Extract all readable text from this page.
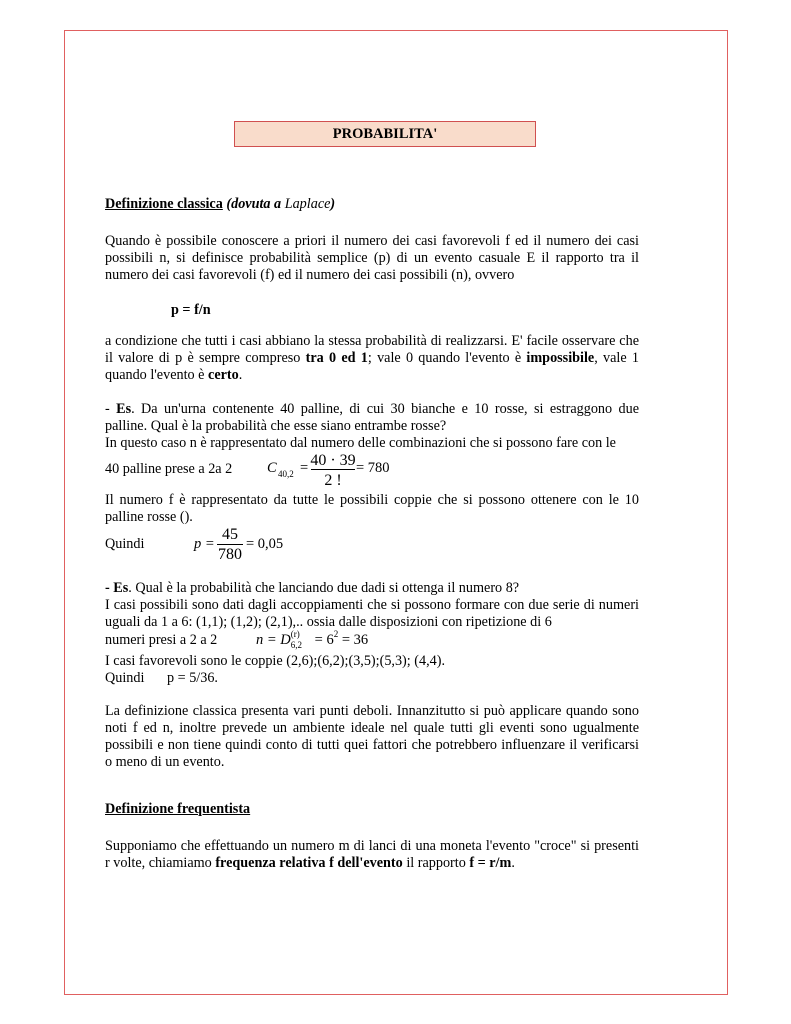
PROBABILITA'
Definizione classica (dovuta a Laplace)
Quando è possibile conoscere a priori il numero dei casi favorevoli f ed il numero dei casi possibili n, si definisce probabilità semplice (p) di un evento casuale E il rapporto tra il numero dei casi favorevoli (f) ed il numero dei casi possibili (n), ovvero
p = f/n
a condizione che tutti i casi abbiano la stessa probabilità di realizzarsi. E' facile osservare che il valore di p è sempre compreso tra 0 ed 1; vale 0 quando l'evento è impossibile, vale 1 quando l'evento è certo.
- Es. Da un'urna contenente 40 palline, di cui 30 bianche e 10 rosse, si estraggono due palline. Qual è la probabilità che esse siano entrambe rosse?
In questo caso n è rappresentato dal numero delle combinazioni che si possono fare con le
40 palline prese a 2a 2 C 40,2 = 40 · 39
2 !
= 780
Il numero f è rappresentato da tutte le possibili coppie che si possono ottenere con le 10 palline rosse ().
Quindi	p =
45
780
= 0,05
- Es. Qual è la probabilità che lanciando due dadi si ottenga il numero 8?
I casi possibili sono dati dagli accoppiamenti che si possono formare con due serie di numeri uguali da 1 a 6: (1,1); (1,2); (2,1),.. ossia dalle disposizioni con ripetizione di 6
numeri presi a 2 a 2	$n = D^{(r)}_{6,2} = 6^2 = 36$
I casi favorevoli sono le coppie (2,6);(6,2);(3,5);(5,3); (4,4).
Quindi p = 5/36.
La definizione classica presenta vari punti deboli. Innanzitutto si può applicare quando sono noti f ed n, inoltre prevede un ambiente ideale nel quale tutti gli eventi sono ugualmente possibili e non tiene quindi conto di tutti quei fattori che potrebbero influenzare il verificarsi o meno di un evento.
Definizione frequentista
Supponiamo che effettuando un numero m di lanci di una moneta l'evento "croce" si presenti r volte, chiamiamo frequenza relativa f dell'evento il rapporto f = r/m.
